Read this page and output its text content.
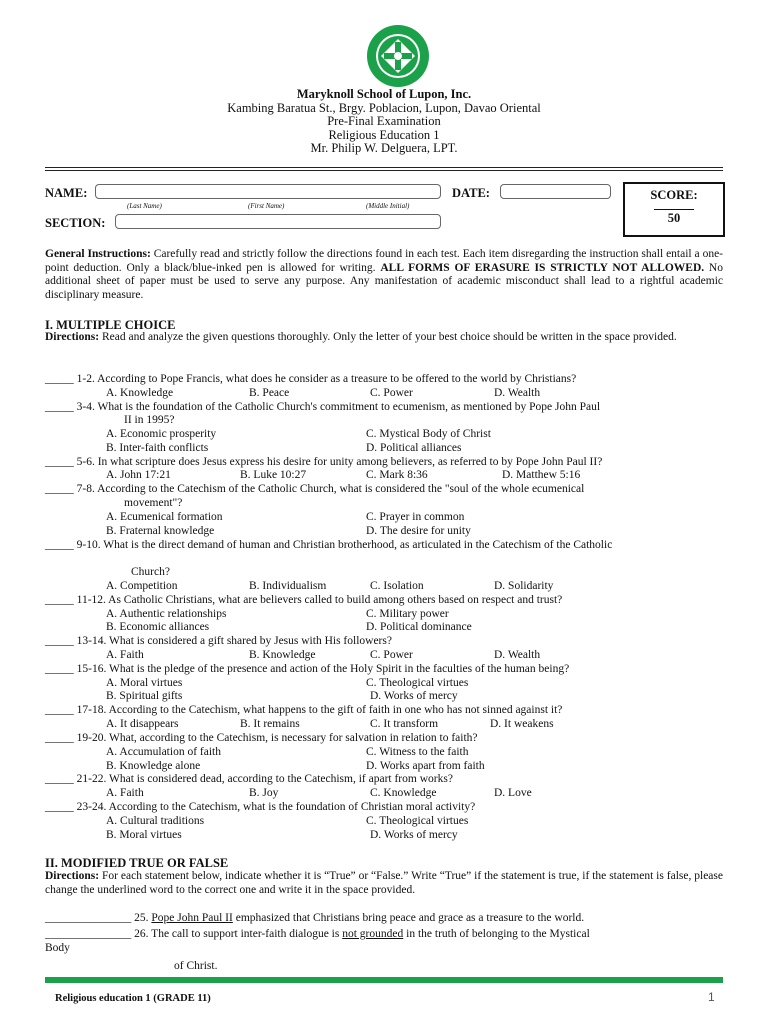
Maryknoll School of Lupon, Inc.
Kambing Baratua St., Brgy. Poblacion, Lupon, Davao Oriental
Pre-Final Examination
Religious Education 1
Mr. Philip W. Delguera, LPT.
NAME:
(Last Name)	(First Name)	(Middle Initial)
DATE:
SECTION:
SCORE:
50
General Instructions: Carefully read and strictly follow the directions found in each test. Each item disregarding the instruction shall entail a one-point deduction. Only a black/blue-inked pen is allowed for writing. ALL FORMS OF ERASURE IS STRICTLY NOT ALLOWED. No additional sheet of paper must be used to serve any purpose. Any manifestation of academic misconduct shall lead to a rightful academic disciplinary measure.
I. MULTIPLE CHOICE
Directions: Read and analyze the given questions thoroughly. Only the letter of your best choice should be written in the space provided.
_____ 1-2. According to Pope Francis, what does he consider as a treasure to be offered to the world by Christians?
A. Knowledge	B. Peace	C. Power	D. Wealth
_____ 3-4. What is the foundation of the Catholic Church's commitment to ecumenism, as mentioned by Pope John Paul
II in 1995?
A. Economic prosperity	C. Mystical Body of Christ
B. Inter-faith conflicts	D. Political alliances
_____ 5-6. In what scripture does Jesus express his desire for unity among believers, as referred to by Pope John Paul II?
A. John 17:21	B. Luke 10:27	C. Mark 8:36	D. Matthew 5:16
_____ 7-8. According to the Catechism of the Catholic Church, what is considered the "soul of the whole ecumenical
movement"?
A. Ecumenical formation	C. Prayer in common
B. Fraternal knowledge	D. The desire for unity
_____ 9-10. What is the direct demand of human and Christian brotherhood, as articulated in the Catechism of the Catholic
Church?
A. Competition	B. Individualism	C. Isolation	D. Solidarity
_____ 11-12. As Catholic Christians, what are believers called to build among others based on respect and trust?
A. Authentic relationships	C. Military power
B. Economic alliances	D. Political dominance
_____ 13-14. What is considered a gift shared by Jesus with His followers?
A. Faith	B. Knowledge	C. Power	D. Wealth
_____ 15-16. What is the pledge of the presence and action of the Holy Spirit in the faculties of the human being?
A. Moral virtues	C. Theological virtues
B. Spiritual gifts	D. Works of mercy
_____ 17-18. According to the Catechism, what happens to the gift of faith in one who has not sinned against it?
A. It disappears	B. It remains	C. It transform	D. It weakens
_____ 19-20. What, according to the Catechism, is necessary for salvation in relation to faith?
A. Accumulation of faith	C. Witness to the faith
B. Knowledge alone	D. Works apart from faith
_____ 21-22. What is considered dead, according to the Catechism, if apart from works?
A. Faith	B. Joy	C. Knowledge	D. Love
_____ 23-24. According to the Catechism, what is the foundation of Christian moral activity?
A. Cultural traditions	C. Theological virtues
B. Moral virtues	D. Works of mercy
II. MODIFIED TRUE OR FALSE
Directions: For each statement below, indicate whether it is “True” or “False.” Write “True” if the statement is true, if the statement is false, please change the underlined word to the correct one and write it in the space provided.
_______________ 25. Pope John Paul II emphasized that Christians bring peace and grace as a treasure to the world.
_______________ 26. The call to support inter-faith dialogue is not grounded in the truth of belonging to the Mystical
Body
of Christ.
Religious education 1 (GRADE 11)	1
